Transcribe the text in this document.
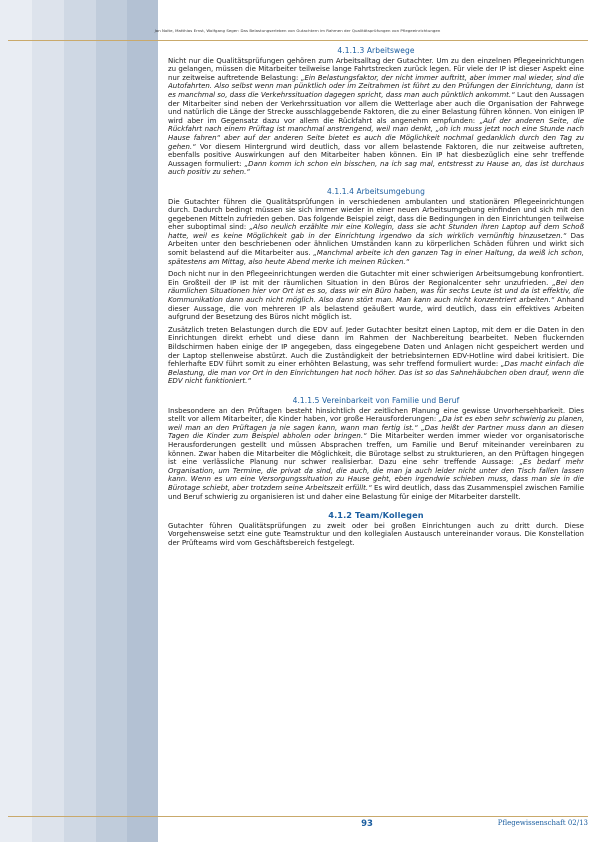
Jan Nolte, Matthias Ernst, Wolfgang Seger: Das Belastungserleben von Gutachtern im Rahmen der Qualitätsprüfungen von Pflegeeinrichtungen
4.1.1.3 Arbeitswege

Nicht nur die Qualitätsprüfungen gehören zum Arbeitsalltag der Gutachter. Um zu den einzelnen Pflegeeinrichtungen zu gelangen, müssen die Mitarbeiter teilweise lange Fahrtstrecken zurück legen. Für viele der IP ist dieser Aspekt eine nur zeitweise auftretende Belastung: „Ein Belastungsfaktor, der nicht immer auftritt, aber immer mal wieder, sind die Autofahrten. Also selbst wenn man pünktlich oder im Zeitrahmen ist führt zu den Prüfungen der Einrichtung, dann ist es manchmal so, dass die Verkehrssituation dagegen spricht, dass man auch pünktlich ankommt.“ Laut den Aussagen der Mitarbeiter sind neben der Verkehrssituation vor allem die Wetterlage aber auch die Organisation der Fahrwege und natürlich die Länge der Strecke ausschlaggebende Faktoren, die zu einer Belastung führen können. Von einigen IP wird aber im Gegensatz dazu vor allem die Rückfahrt als angenehm empfunden: „Auf der anderen Seite, die Rückfahrt nach einem Prüftag ist manchmal anstrengend, weil man denkt, „oh ich muss jetzt noch eine Stunde nach Hause fahren“ aber auf der anderen Seite bietet es auch die Möglichkeit nochmal gedanklich durch den Tag zu gehen.“ Vor diesem Hintergrund wird deutlich, dass vor allem belastende Faktoren, die nur zeitweise auftreten, ebenfalls positive Auswirkungen auf den Mitarbeiter haben können. Ein IP hat diesbezüglich eine sehr treffende Aussagen formuliert: „Dann komm ich schon ein bisschen, na ich sag mal, entstresst zu Hause an, das ist durchaus auch positiv zu sehen.“

4.1.1.4 Arbeitsumgebung

Die Gutachter führen die Qualitätsprüfungen in verschiedenen ambulanten und stationären Pflegeeinrichtungen durch. Dadurch bedingt müssen sie sich immer wieder in einer neuen Arbeitsumgebung einfinden und sich mit den gegebenen Mitteln zufrieden geben. Das folgende Beispiel zeigt, dass die Bedingungen in den Einrichtungen teilweise eher suboptimal sind: „Also neulich erzählte mir eine Kollegin, dass sie acht Stunden ihren Laptop auf dem Schoß hatte, weil es keine Möglichkeit gab in der Einrichtung irgendwo da sich wirklich vernünftig hinzusetzen.“ Das Arbeiten unter den beschriebenen oder ähnlichen Umständen kann zu körperlichen Schäden führen und wirkt sich somit belastend auf die Mitarbeiter aus. „Manchmal arbeite ich den ganzen Tag in einer Haltung, da weiß ich schon, spätestens am Mittag, also heute Abend merke ich meinen Rücken.“

Doch nicht nur in den Pflegeeinrichtungen werden die Gutachter mit einer schwierigen Arbeitsumgebung konfrontiert. Ein Großteil der IP ist mit der räumlichen Situation in den Büros der Regionalcenter sehr unzufrieden. „Bei den räumlichen Situationen hier vor Ort ist es so, dass wir ein Büro haben, was für sechs Leute ist und da ist effektiv, die Kommunikation dann auch nicht möglich. Also dann stört man. Man kann auch nicht konzentriert arbeiten.“ Anhand dieser Aussage, die von mehreren IP als belastend geäußert wurde, wird deutlich, dass ein effektives Arbeiten aufgrund der Besetzung des Büros nicht möglich ist.

Zusätzlich treten Belastungen durch die EDV auf. Jeder Gutachter besitzt einen Laptop, mit dem er die Daten in den Einrichtungen direkt erhebt und diese dann im Rahmen der Nachbereitung bearbeitet. Neben fluckernden Bildschirmen haben einige der IP angegeben, dass eingegebene Daten und Anlagen nicht gespeichert werden und der Laptop stellenweise abstürzt. Auch die Zuständigkeit der betriebsinternen EDV-Hotline wird dabei kritisiert. Die fehlerhafte EDV führt somit zu einer erhöhten Belastung, was sehr treffend formuliert wurde: „Das macht einfach die Belastung, die man vor Ort in den Einrichtungen hat noch höher. Das ist so das Sahnehäubchen oben drauf, wenn die EDV nicht funktioniert.“

4.1.1.5 Vereinbarkeit von Familie und Beruf

Insbesondere an den Prüftagen besteht hinsichtlich der zeitlichen Planung eine gewisse Unvorhersehbarkeit. Dies stellt vor allem Mitarbeiter, die Kinder haben, vor große Herausforderungen: „Da ist es eben sehr schwierig zu planen, weil man an den Prüftagen ja nie sagen kann, wann man fertig ist.“ „Das heißt der Partner muss dann an diesen Tagen die Kinder zum Beispiel abholen oder bringen.“ Die Mitarbeiter werden immer wieder vor organisatorische Herausforderungen gestellt und müssen Absprachen treffen, um Familie und Beruf miteinander vereinbaren zu können. Zwar haben die Mitarbeiter die Möglichkeit, die Bürotage selbst zu strukturieren, an den Prüftagen hingegen ist eine verlässliche Planung nur schwer realisierbar. Dazu eine sehr treffende Aussage: „Es bedarf mehr Organisation, um Termine, die privat da sind, die auch, die man ja auch leider nicht unter den Tisch fallen lassen kann. Wenn es um eine Versorgungssituation zu Hause geht, eben irgendwie schieben muss, dass man sie in die Bürotage schiebt, aber trotzdem seine Arbeitszeit erfüllt.“ Es wird deutlich, dass das Zusammenspiel zwischen Familie und Beruf schwierig zu organisieren ist und daher eine Belastung für einige der Mitarbeiter darstellt.

4.1.2 Team/Kollegen

Gutachter führen Qualitätsprüfungen zu zweit oder bei großen Einrichtungen auch zu dritt durch. Diese Vorgehensweise setzt eine gute Teamstruktur und den kollegialen Austausch untereinander voraus. Die Konstellation der Prüfteams wird vom Geschäftsbereich festgelegt.

93	Pflegewissenschaft 02/13
